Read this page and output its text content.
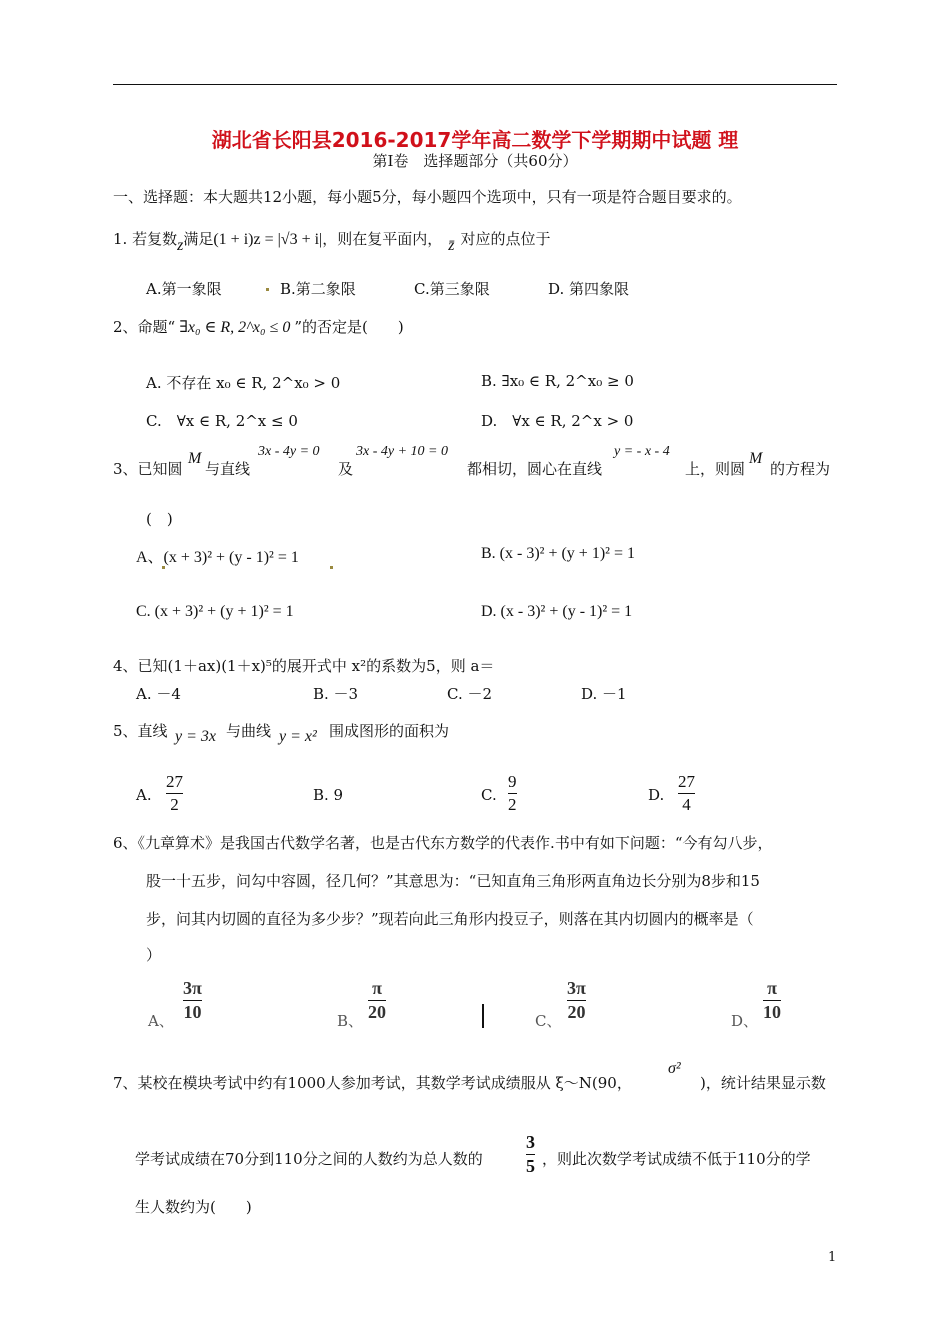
湖北省长阳县2016-2017学年高二数学下学期期中试题 理
第Ⅰ卷　选择题部分（共60分）
一、选择题：本大题共12小题，每小题5分，每小题四个选项中，只有一项是符合题目要求的。
1. 若复数z满足(1 + i)z = |√3 + i|，则在复平面内， z̄ 对应的点位于
A.第一象限	B.第二象限	C.第三象限	D. 第四象限
2、命题“ ∃x₀ ∈ R, 2^x₀ ≤ 0 ”的否定是(　　)
A. 不存在 x₀ ∈ R, 2^x₀ > 0	B. ∃x₀ ∈ R, 2^x₀ ≥ 0
C.　∀x ∈ R, 2^x ≤ 0	D.　∀x ∈ R, 2^x > 0
3、已知圆
M
与直线
3x - 4y = 0
及
3x - 4y + 10 = 0
都相切，圆心在直线
y = - x - 4
上，则圆
M
的方程为
(　)
A、(x + 3)² + (y - 1)² = 1	B. (x - 3)² + (y + 1)² = 1
C. (x + 3)² + (y + 1)² = 1	D. (x - 3)² + (y - 1)² = 1
4、已知(1＋ax)(1＋x)⁵的展开式中 x²的系数为5，则 a＝
A. －4	B. －3	C. －2	D. －1
5、直线 y = 3x 与曲线 y = x² 围成图形的面积为
A.
27
2	B. 9	C.
9
2	D.
27
4
6、《九章算术》是我国古代数学名著，也是古代东方数学的代表作.书中有如下问题：“今有勾八步，
股一十五步，问勾中容圆，径几何？”其意思为：“已知直角三角形两直角边长分别为8步和15
步，问其内切圆的直径为多少步？”现若向此三角形内投豆子，则落在其内切圆内的概率是（
）
A、
3π
10	B、
π
20	C、
3π
20	D、
π
10
7、某校在模块考试中约有1000人参加考试，其数学考试成绩服从 ξ～N(90，
σ²
)，统计结果显示数
学考试成绩在70分到110分之间的人数约为总人数的
3
5 ，则此次数学考试成绩不低于110分的学
生人数约为(　　)
1
